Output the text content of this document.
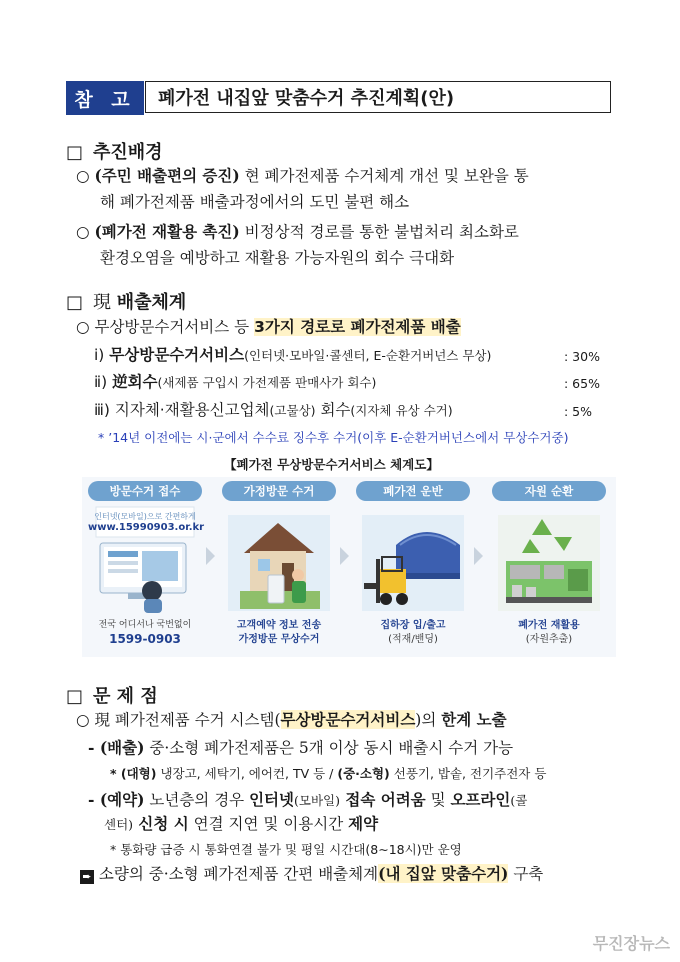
참 고	폐가전 내집앞 맞춤수거 추진계획(안)
□ 추진배경
○ (주민 배출편의 증진) 현 폐가전제품 수거체계 개선 및 보완을 통
해 폐가전제품 배출과정에서의 도민 불편 해소
○ (폐가전 재활용 촉진) 비정상적 경로를 통한 불법처리 최소화로
환경오염을 예방하고 재활용 가능자원의 회수 극대화
□ 現 배출체계
○ 무상방문수거서비스 등 3가지 경로로 폐가전제품 배출
ⅰ) 무상방문수거서비스(인터넷·모바일·콜센터, E-순환거버넌스 무상)	: 30%
ⅱ) 逆회수(새제품 구입시 가전제품 판매사가 회수)	: 65%
ⅲ) 지자체·재활용신고업체(고물상) 회수(지자체 유상 수거)	: 5%
* ’14년 이전에는 시·군에서 수수료 징수후 수거(이후 E-순환거버넌스에서 무상수거중)
【폐가전 무상방문수거서비스 체계도】
방문수거 접수
인터넷(모바일)으로 간편하게
www.15990903.or.kr
전국 어디서나 국번없이
1599-0903
가정방문 수거
고객예약 정보 전송
가정방문 무상수거
폐가전 운반
집하장 입/출고
(적재/밴딩)
자원 순환
폐가전 재활용
(자원추출)
□ 문 제 점
○ 現 폐가전제품 수거 시스템(무상방문수거서비스)의 한계 노출
- (배출) 중·소형 폐가전제품은 5개 이상 동시 배출시 수거 가능
* (대형) 냉장고, 세탁기, 에어컨, TV 등 / (중·소형) 선풍기, 밥솥, 전기주전자 등
- (예약) 노년층의 경우 인터넷(모바일) 접속 어려움 및 오프라인(콜
센터) 신청 시 연결 지연 및 이용시간 제약
* 통화량 급증 시 통화연결 불가 및 평일 시간대(8∼18시)만 운영
➨ 소량의 중·소형 폐가전제품 간편 배출체계(내 집앞 맞춤수거) 구축
무진장뉴스
